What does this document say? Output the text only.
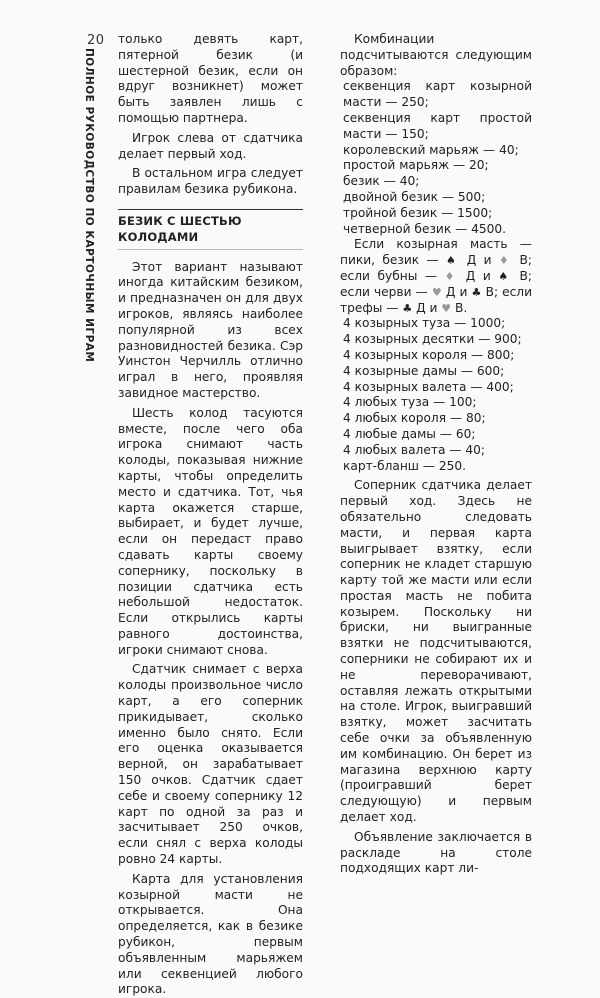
20
ПОЛНОЕ РУКОВОДСТВО ПО КАРТОЧНЫМ ИГРАМ

только девять карт, пятерной безик (и шестерной безик, если он вдруг возникнет) может быть заявлен лишь с помощью партнера.

Игрок слева от сдатчика делает первый ход.

В остальном игра следует правилам безика рубикона.

БЕЗИК С ШЕСТЬЮ КОЛОДАМИ

Этот вариант называют иногда китайским безиком, и предназначен он для двух игроков, являясь наиболее популярной из всех разновидностей безика. Сэр Уинстон Черчилль отлично играл в него, проявляя завидное мастерство.

Шесть колод тасуются вместе, после чего оба игрока снимают часть колоды, показывая нижние карты, чтобы определить место и сдатчика. Тот, чья карта окажется старше, выбирает, и будет лучше, если он передаст право сдавать карты своему сопернику, поскольку в позиции сдатчика есть небольшой недостаток. Если открылись карты равного достоинства, игроки снимают снова.

Сдатчик снимает с верха колоды произвольное число карт, а его соперник прикидывает, сколько именно было снято. Если его оценка оказывается верной, он зарабатывает 150 очков. Сдатчик сдает себе и своему сопернику 12 карт по одной за раз и засчитывает 250 очков, если снял с верха колоды ровно 24 карты.

Карта для установления козырной масти не открывается. Она определяется, как в безике рубикон, первым объявленным марьяжем или секвенцией любого игрока.

Комбинации подсчитываются следующим образом:

секвенция карт козырной масти — 250;

секвенция карт простой масти — 150;

королевский марьяж — 40;

простой марьяж — 20;

безик — 40;

двойной безик — 500;

тройной безик — 1500;

четверной безик — 4500.

Если козырная масть — пики, безик — ♠ Д и ♦ В; если бубны — ♦ Д и ♠ В; если черви — ♥ Д и ♣ В; если трефы — ♣ Д и ♥ В.

4 козырных туза — 1000;

4 козырных десятки — 900;

4 козырных короля — 800;

4 козырные дамы — 600;

4 козырных валета — 400;

4 любых туза — 100;

4 любых короля — 80;

4 любые дамы — 60;

4 любых валета — 40;

карт-бланш — 250.

Соперник сдатчика делает первый ход. Здесь не обязательно следовать масти, и первая карта выигрывает взятку, если соперник не кладет старшую карту той же масти или если простая масть не побита козырем. Поскольку ни бриски, ни выигранные взятки не подсчитываются, соперники не собирают их и не переворачивают, оставляя лежать открытыми на столе. Игрок, выигравший взятку, может засчитать себе очки за объявленную им комбинацию. Он берет из магазина верхнюю карту (проигравший берет следующую) и первым делает ход.

Объявление заключается в раскладе на столе подходящих карт ли-
